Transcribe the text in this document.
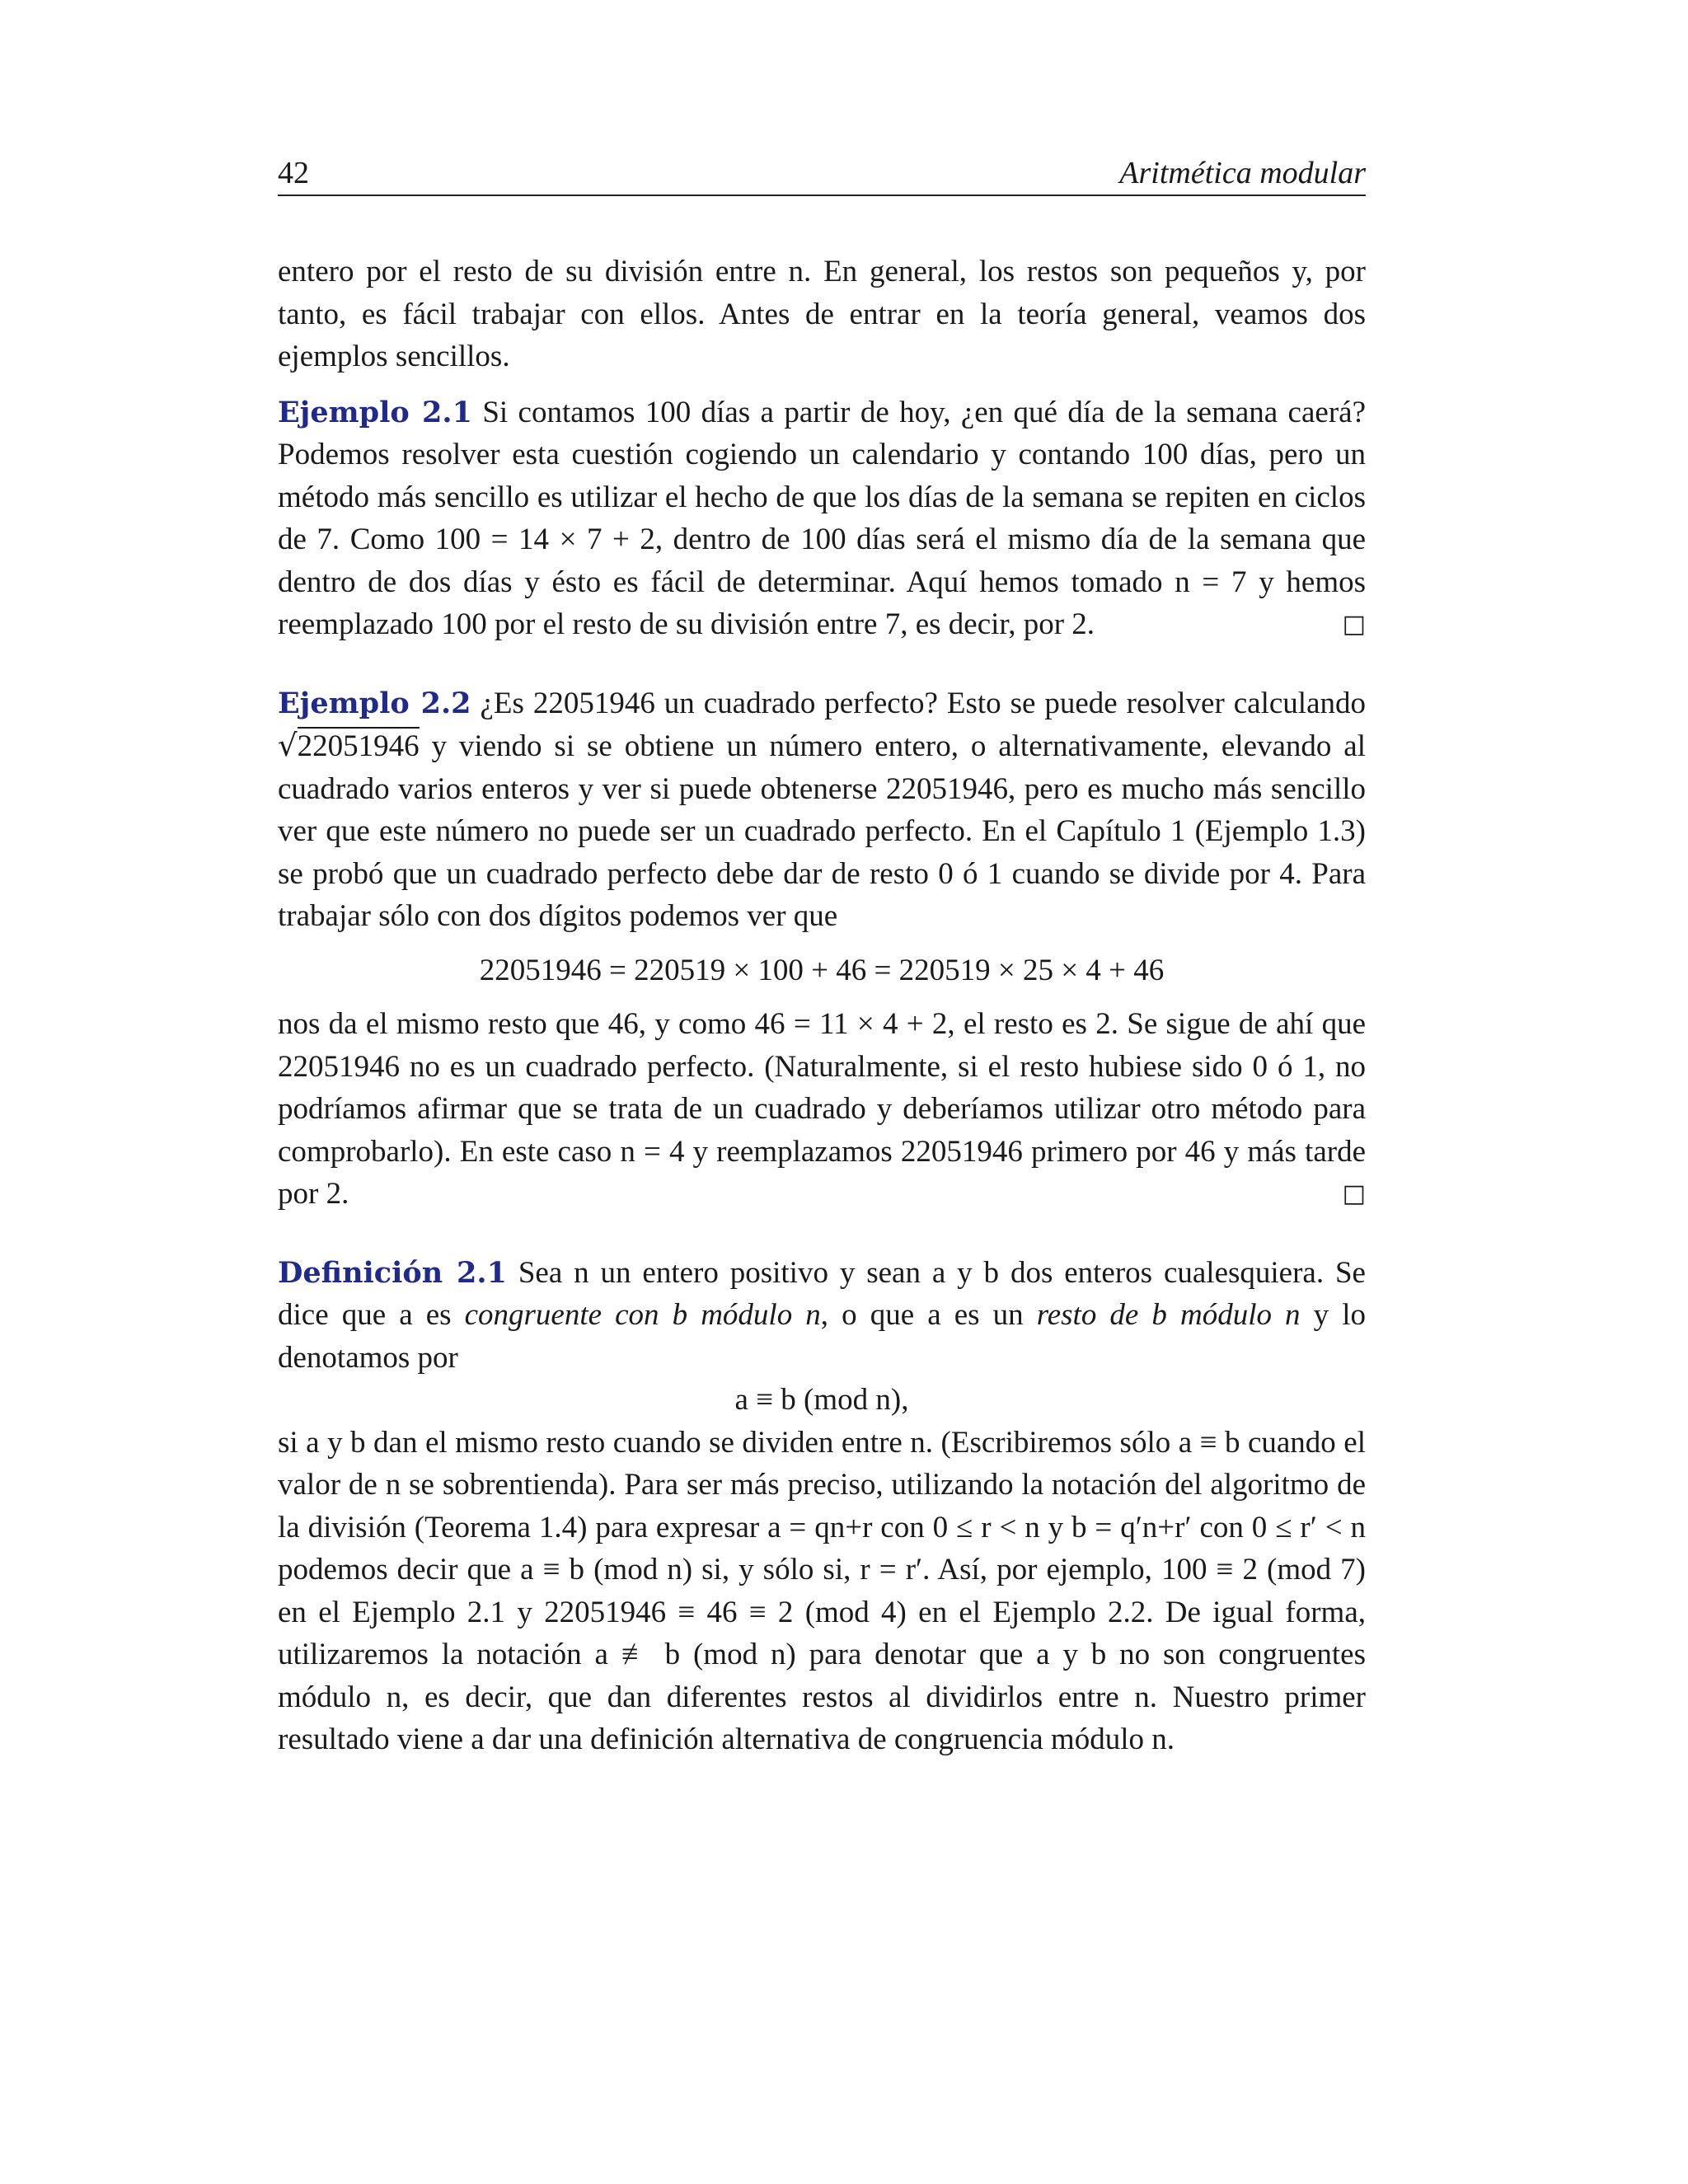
42	Aritmética modular

entero por el resto de su división entre n. En general, los restos son pequeños y, por tanto, es fácil trabajar con ellos. Antes de entrar en la teoría general, veamos dos ejemplos sencillos.

Ejemplo 2.1 Si contamos 100 días a partir de hoy, ¿en qué día de la semana caerá? Podemos resolver esta cuestión cogiendo un calendario y contando 100 días, pero un método más sencillo es utilizar el hecho de que los días de la semana se repiten en ciclos de 7. Como 100 = 14 × 7 + 2, dentro de 100 días será el mismo día de la semana que dentro de dos días y ésto es fácil de determinar. Aquí hemos tomado n = 7 y hemos reemplazado 100 por el resto de su división entre 7, es decir, por 2.	□

Ejemplo 2.2 ¿Es 22051946 un cuadrado perfecto? Esto se puede resolver calculando √22051946 y viendo si se obtiene un número entero, o alternativamente, elevando al cuadrado varios enteros y ver si puede obtenerse 22051946, pero es mucho más sencillo ver que este número no puede ser un cuadrado perfecto. En el Capítulo 1 (Ejemplo 1.3) se probó que un cuadrado perfecto debe dar de resto 0 ó 1 cuando se divide por 4. Para trabajar sólo con dos dígitos podemos ver que

22051946 = 220519 × 100 + 46 = 220519 × 25 × 4 + 46

nos da el mismo resto que 46, y como 46 = 11 × 4 + 2, el resto es 2. Se sigue de ahí que 22051946 no es un cuadrado perfecto. (Naturalmente, si el resto hubiese sido 0 ó 1, no podríamos afirmar que se trata de un cuadrado y deberíamos utilizar otro método para comprobarlo). En este caso n = 4 y reemplazamos 22051946 primero por 46 y más tarde por 2.	□

Definición 2.1 Sea n un entero positivo y sean a y b dos enteros cualesquiera. Se dice que a es congruente con b módulo n, o que a es un resto de b módulo n y lo denotamos por

a ≡ b (mod n),

si a y b dan el mismo resto cuando se dividen entre n. (Escribiremos sólo a ≡ b cuando el valor de n se sobrentienda). Para ser más preciso, utilizando la notación del algoritmo de la división (Teorema 1.4) para expresar a = qn+r con 0 ≤ r < n y b = q′n+r′ con 0 ≤ r′ < n podemos decir que a ≡ b (mod n) si, y sólo si, r = r′. Así, por ejemplo, 100 ≡ 2 (mod 7) en el Ejemplo 2.1 y 22051946 ≡ 46 ≡ 2 (mod 4) en el Ejemplo 2.2. De igual forma, utilizaremos la notación a ≢ b (mod n) para denotar que a y b no son congruentes módulo n, es decir, que dan diferentes restos al dividirlos entre n. Nuestro primer resultado viene a dar una definición alternativa de congruencia módulo n.
